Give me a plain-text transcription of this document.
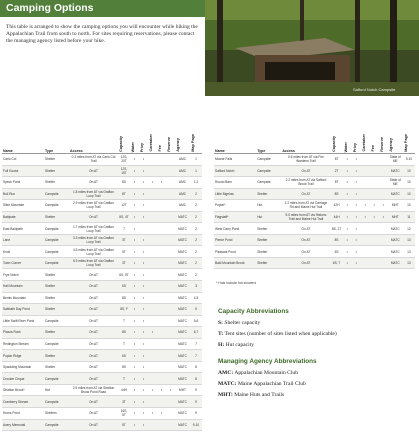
Camping Options
This table is arranged to show the camping options you will encounter while hiking the Appalachian Trail from south to north. For sites requiring reservations, please contact the managing agency listed before your hike.
Safford Notch Campsite
Name	Type	Access	Capacity	Water	Privy	Caretaker	Fee	Reserve	Agency	Map Page
Carlo Col	Shelter	0.3 miles from AT via Carlo Col Trail	12S, 20T	•	•				AMC	1
Full Goose	Shelter	On AT	12S, 15T	•	•				AMC	1
Speck Pond	Shelter	On AT	8S	•	•	•	•		AMC	1-2
Bull Run	Campsite	1.8 miles from AT via Grafton Loop Trail	8T	•	•				AMC	2
Slide Mountain	Campsite	2.9 miles from AT via Grafton Loop Trail	12T	•	•				AMC	2
Baldpate	Shelter	On AT	8S, 4T	•	•				MATC	2
East Baldpate	Campsite	1.7 miles from AT via Grafton Loop Trail	7	•					MATC	2
Lane	Campsite	3.3 miles from AT via Grafton Loop Trail	3T	•	•				MATC	2
Knoll	Campsite	4.5 miles from AT via Grafton Loop Trail	5T	•	•				MATC	2
Town Corner	Campsite	5.9 miles from AT via Grafton Loop Trail	3T	•	•				MATC	2
Frye Notch	Shelter	On AT	6S, 5T	•	•				MATC	2
Hall Mountain	Shelter	On AT	6S	•	•				MATC	3
Bemis Mountain	Shelter	On AT	8S	•	•				MATC	4-5
Sabbath Day Pond	Shelter	On AT	8S, F	•	•				MATC	5
Little Swift River Pond	Campsite	On AT	T	•	•				MATC	5-6
Piazza Rock	Shelter	On AT	8S	•	•	•			MATC	6-7
Redington Stream	Campsite	On AT	T	•	•				MATC	7
Poplar Ridge	Shelter	On AT	6S	•	•				MATC	7
Spaulding Mountain	Shelter	On AT	8S	•	•				MATC	8
Crocker Cirque	Campsite	On AT	T	•	•				MATC	8
Stratton Brook*	Hut	2.9 miles from AT via Stratton Brook Pond Road	44H	•	•	•	•	•	MHT	9
Cranberry Stream	Campsite	On AT	3T	•	•				MATC	9
Horns Pond	Shelters	On AT	16S, 5T	•	•	•	•		MATC	9
Avery Memorial	Campsite	On AT	5T	•	•				MATC	9-10
Name	Type	Access	Capacity	Water	Privy	Caretaker	Fee	Reserve	Agency	Map Page
Moose Falls	Campsite	0.6 miles from AT via Fire Wardens Trail	8T	•	•				State of ME	9-10
Safford Notch	Campsite	On AT	2T	•	•				MATC	10
Round Barn	Campsite	2.2 miles from AT via Safford Brook Trail	8T	•	•				State of ME	10
Little Bigelow	Shelter	On AT	8S	•	•				MATC	10
Poplar*	Hut	2.2 miles from AT via Carriage Rd and Maine Hut Trail	42H	•	•	•	•	•	MHT	10
Flagstaff*	Hut	5.0 miles from AT via Historic Trail and Maine Hut Trail	44H	•	•	•	•	•	MHT	11
West Carry Pond	Shelter	On AT	8S, 2T	•	•				MATC	12
Pierce Pond	Shelter	On AT	8S	•	•				MATC	13
Pleasant Pond	Shelter	On AT	6S	•	•				MATC	13
Bald Mountain Brook	Shelter	On AT	6S, T	•	•				MATC	13
* Huts include hot showers
Capacity Abbreviations
S: Shelter capacity
T: Tent sites (number of sites listed when applicable)
H: Hut capacity
Managing Agency Abbreviations
AMC: Appalachian Mountain Club
MATC: Maine Appalachian Trail Club
MHT: Maine Huts and Trails
